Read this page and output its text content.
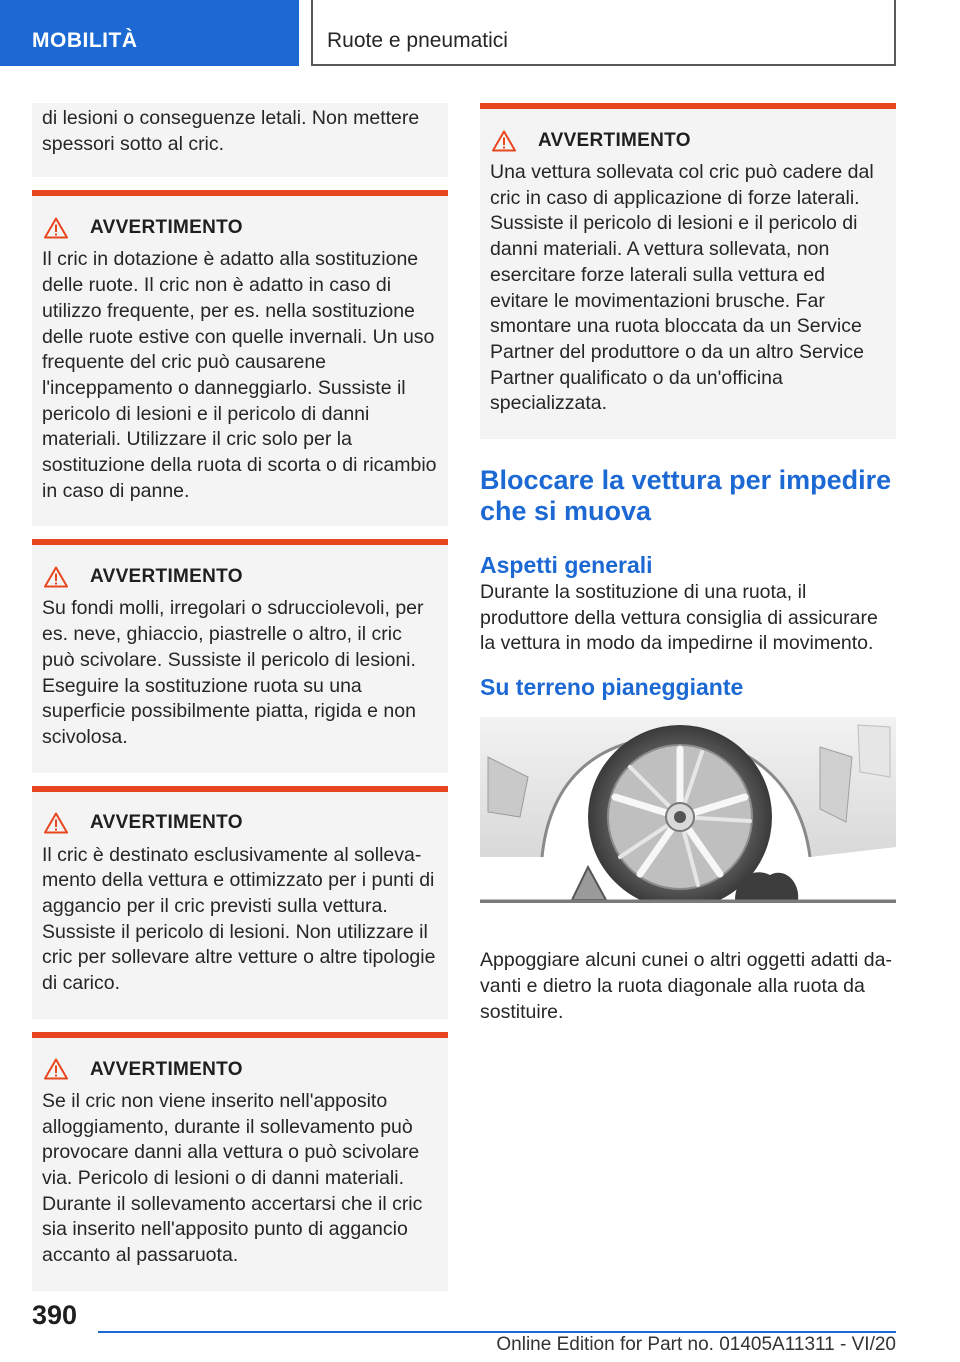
MOBILITÀ	Ruote e pneumatici

di lesioni o conseguenze letali. Non mettere spessori sotto al cric.

AVVERTIMENTO

Il cric in dotazione è adatto alla sostituzione delle ruote. Il cric non è adatto in caso di utilizzo frequente, per es. nella sostituzione delle ruote estive con quelle invernali. Un uso frequente del cric può causarene l'inceppamento o danneggiarlo. Sussiste il pericolo di lesioni e il pericolo di danni materiali. Utilizzare il cric solo per la sostituzione della ruota di scorta o di ricambio in caso di panne.

AVVERTIMENTO

Su fondi molli, irregolari o sdrucciolevoli, per es. neve, ghiaccio, piastrelle o altro, il cric può scivolare. Sussiste il pericolo di lesioni. Eseguire la sostituzione ruota su una superficie possibilmente piatta, rigida e non scivolosa.

AVVERTIMENTO

Il cric è destinato esclusivamente al sollevamento della vettura e ottimizzato per i punti di aggancio per il cric previsti sulla vettura. Sussiste il pericolo di lesioni. Non utilizzare il cric per sollevare altre vetture o altre tipologie di carico.

AVVERTIMENTO

Se il cric non viene inserito nell'apposito alloggiamento, durante il sollevamento può provocare danni alla vettura o può scivolare via. Pericolo di lesioni o di danni materiali. Durante il sollevamento accertarsi che il cric sia inserito nell'apposito punto di aggancio accanto al passaruota.

AVVERTIMENTO

Una vettura sollevata col cric può cadere dal cric in caso di applicazione di forze laterali. Sussiste il pericolo di lesioni e il pericolo di danni materiali. A vettura sollevata, non esercitare forze laterali sulla vettura ed evitare le movimentazioni brusche. Far smontare una ruota bloccata da un Service Partner del produttore o da un altro Service Partner qualificato o da un'officina specializzata.

Bloccare la vettura per impedire che si muova
Aspetti generali

Durante la sostituzione di una ruota, il produttore della vettura consiglia di assicurare la vettura in modo da impedirne il movimento.

Su terreno pianeggiante

Appoggiare alcuni cunei o altri oggetti adatti davanti e dietro la ruota diagonale alla ruota da sostituire.

390
Online Edition for Part no. 01405A11311 - VI/20
